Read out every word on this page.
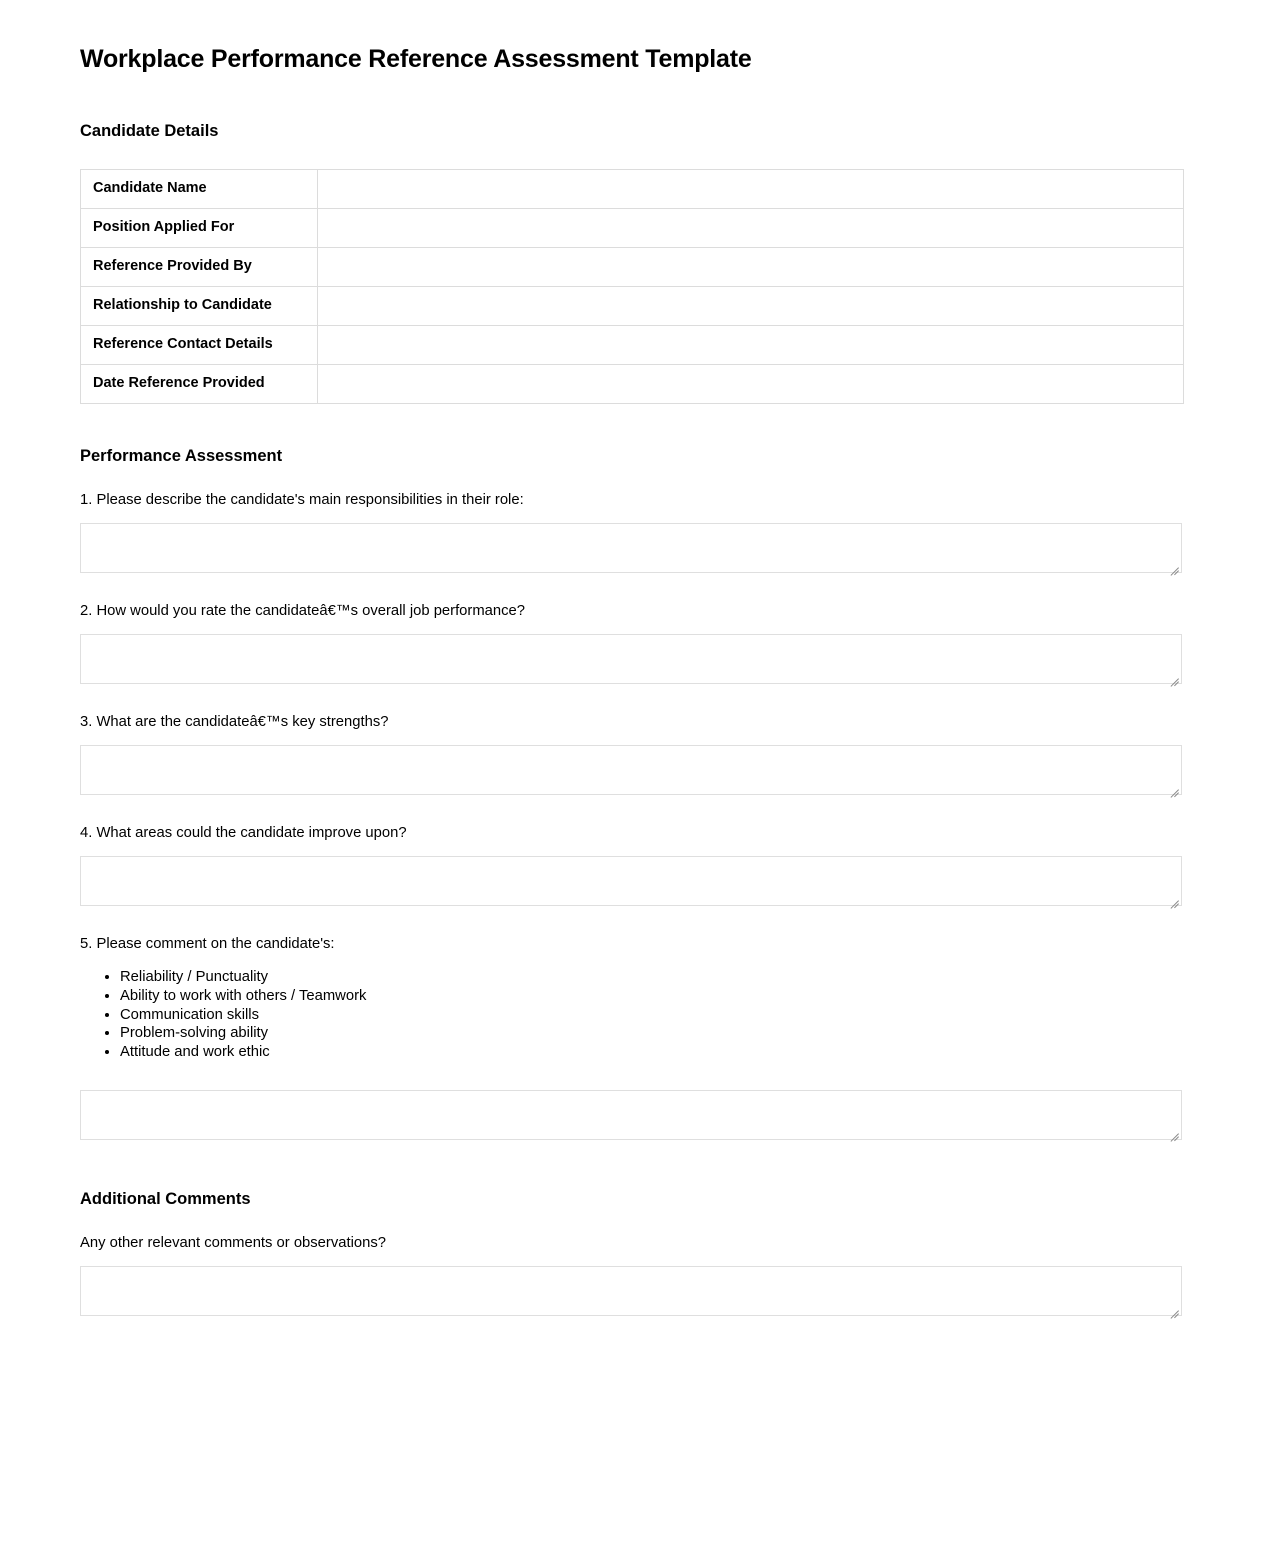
Workplace Performance Reference Assessment Template
Candidate Details
Candidate Name	
Position Applied For	
Reference Provided By	
Relationship to Candidate	
Reference Contact Details	
Date Reference Provided	
Performance Assessment

1. Please describe the candidate's main responsibilities in their role:

2. How would you rate the candidateâ€™s overall job performance?

3. What are the candidateâ€™s key strengths?

4. What areas could the candidate improve upon?

5. Please comment on the candidate's:

• Reliability / Punctuality
• Ability to work with others / Teamwork
• Communication skills
• Problem-solving ability
• Attitude and work ethic
Additional Comments

Any other relevant comments or observations?
